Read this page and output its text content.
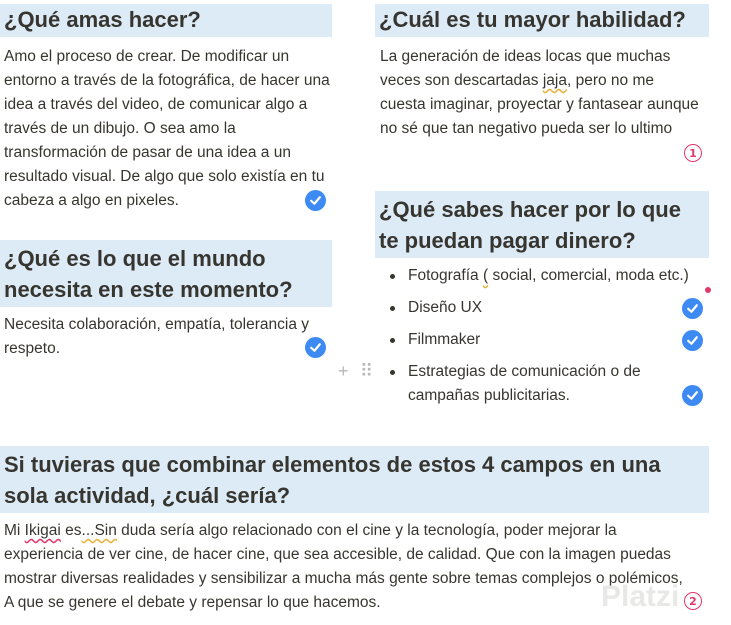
¿Qué amas hacer?

Amo el proceso de crear. De modificar un entorno a través de la fotográfica, de hacer una idea a través del video, de comunicar algo a través de un dibujo. O sea amo la transformación de pasar de una idea a un resultado visual. De algo que solo existía en tu cabeza a algo en pixeles.

¿Qué es lo que el mundo
necesita en este momento?

Necesita colaboración, empatía, tolerancia y respeto.

¿Cuál es tu mayor habilidad?

La generación de ideas locas que muchas veces son descartadas jaja, pero no me cuesta imaginar, proyectar y fantasear aunque no sé que tan negativo pueda ser lo ultimo

1
¿Qué sabes hacer por lo que
te puedan pagar dinero?
Fotografía ( social, comercial, moda etc.)
Diseño UX
Filmmaker
Estrategias de comunicación o de campañas publicitarias.
+ ⠿
Si tuvieras que combinar elementos de estos 4 campos en una
sola actividad, ¿cuál sería?

Mi Ikigai es...Sin duda sería algo relacionado con el cine y la tecnología, poder mejorar la experiencia de ver cine, de hacer cine, que sea accesible, de calidad. Que con la imagen puedas mostrar diversas realidades y sensibilizar a mucha más gente sobre temas complejos o polémicos, A que se genere el debate y repensar lo que hacemos.	Platzi 2
